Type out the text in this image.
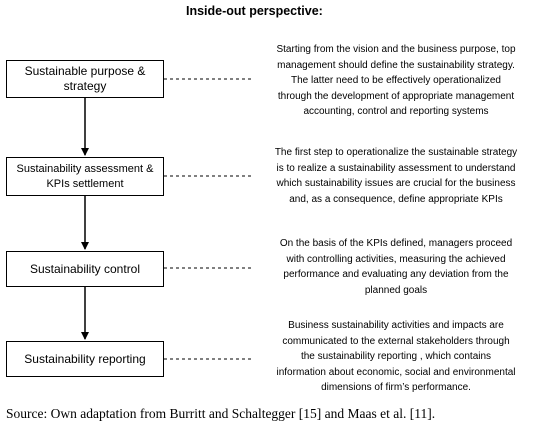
Inside-out perspective:
Sustainable purpose &
strategy
Sustainability assessment &
KPIs settlement
Sustainability control
Sustainability reporting
Starting from the vision and the business purpose, top
management should define the sustainability strategy.
The latter need to be effectively operationalized
through the development of appropriate management
accounting, control and reporting systems
The first step to operationalize the sustainable strategy
is to realize a sustainability assessment to understand
which sustainability issues are crucial for the business
and, as a consequence, define appropriate KPIs
On the basis of the KPIs defined, managers proceed
with controlling activities, measuring the achieved
performance and evaluating any deviation from the
planned goals
Business sustainability activities and impacts are
communicated to the external stakeholders through
the sustainability reporting , which contains
information about economic, social and environmental
dimensions of firm’s performance.
Source: Own adaptation from Burritt and Schaltegger [15] and Maas et al. [11].
